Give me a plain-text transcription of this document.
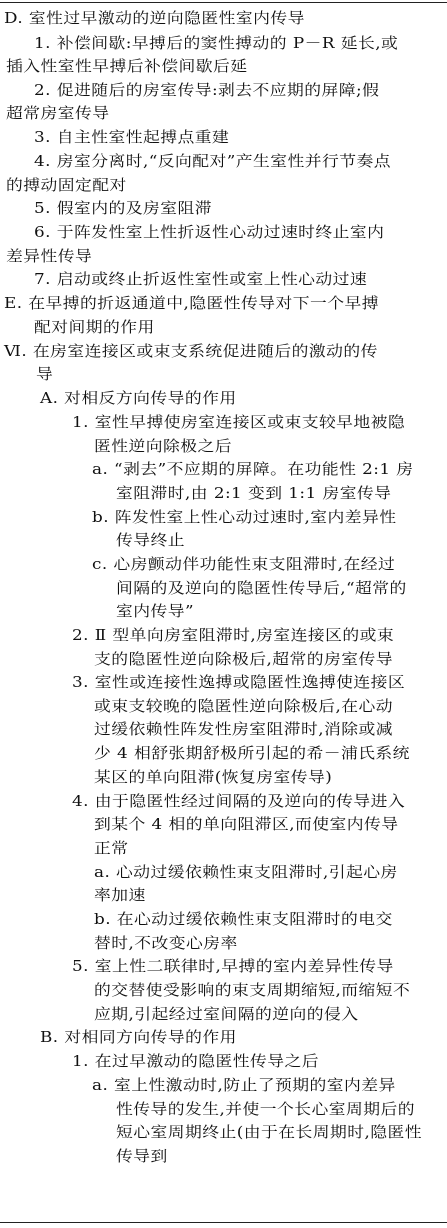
D. 室性过早激动的逆向隐匿性室内传导
1. 补偿间歇:早搏后的窦性搏动的 P－R 延长,或
插入性室性早搏后补偿间歇后延
2. 促进随后的房室传导:剥去不应期的屏障;假
超常房室传导
3. 自主性室性起搏点重建
4. 房室分离时,“反向配对”产生室性并行节奏点
的搏动固定配对
5. 假室内的及房室阻滞
6. 于阵发性室上性折返性心动过速时终止室内
差异性传导
7. 启动或终止折返性室性或室上性心动过速
E. 在早搏的折返通道中,隐匿性传导对下一个早搏
配对间期的作用
Ⅵ. 在房室连接区或束支系统促进随后的激动的传
导
A. 对相反方向传导的作用
1. 室性早搏使房室连接区或束支较早地被隐
匿性逆向除极之后
a. “剥去”不应期的屏障。在功能性 2:1 房
室阻滞时,由 2:1 变到 1:1 房室传导
b. 阵发性室上性心动过速时,室内差异性
传导终止
c. 心房颤动伴功能性束支阻滞时,在经过
间隔的及逆向的隐匿性传导后,“超常的
室内传导”
2. Ⅱ 型单向房室阻滞时,房室连接区的或束
支的隐匿性逆向除极后,超常的房室传导
3. 室性或连接性逸搏或隐匿性逸搏使连接区
或束支较晚的隐匿性逆向除极后,在心动
过缓依赖性阵发性房室阻滞时,消除或减
少 4 相舒张期舒极所引起的希－浦氏系统
某区的单向阻滞(恢复房室传导)
4. 由于隐匿性经过间隔的及逆向的传导进入
到某个 4 相的单向阻滞区,而使室内传导
正常
a. 心动过缓依赖性束支阻滞时,引起心房
率加速
b. 在心动过缓依赖性束支阻滞时的电交
替时,不改变心房率
5. 室上性二联律时,早搏的室内差异性传导
的交替使受影响的束支周期缩短,而缩短不
应期,引起经过室间隔的逆向的侵入
B. 对相同方向传导的作用
1. 在过早激动的隐匿性传导之后
a. 室上性激动时,防止了预期的室内差异
性传导的发生,并使一个长心室周期后的
短心室周期终止(由于在长周期时,隐匿性
传导到
